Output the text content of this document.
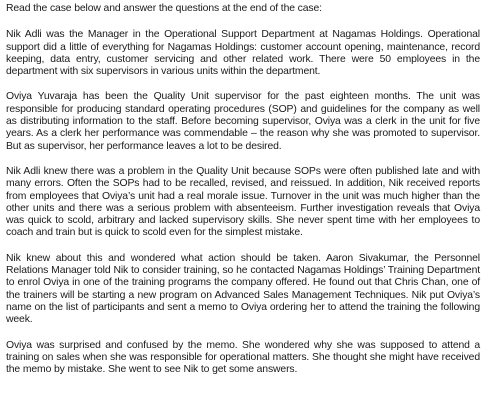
Read the case below and answer the questions at the end of the case:

Nik Adli was the Manager in the Operational Support Department at Nagamas Holdings. Operational support did a little of everything for Nagamas Holdings: customer account opening, maintenance, record keeping, data entry, customer servicing and other related work. There were 50 employees in the department with six supervisors in various units within the department.

Oviya Yuvaraja has been the Quality Unit supervisor for the past eighteen months. The unit was responsible for producing standard operating procedures (SOP) and guidelines for the company as well as distributing information to the staff. Before becoming supervisor, Oviya was a clerk in the unit for five years. As a clerk her performance was commendable – the reason why she was promoted to supervisor. But as supervisor, her performance leaves a lot to be desired.

Nik Adli knew there was a problem in the Quality Unit because SOPs were often published late and with many errors. Often the SOPs had to be recalled, revised, and reissued. In addition, Nik received reports from employees that Oviya’s unit had a real morale issue. Turnover in the unit was much higher than the other units and there was a serious problem with absenteeism. Further investigation reveals that Oviya was quick to scold, arbitrary and lacked supervisory skills. She never spent time with her employees to coach and train but is quick to scold even for the simplest mistake.

Nik knew about this and wondered what action should be taken. Aaron Sivakumar, the Personnel Relations Manager told Nik to consider training, so he contacted Nagamas Holdings’ Training Department to enrol Oviya in one of the training programs the company offered. He found out that Chris Chan, one of the trainers will be starting a new program on Advanced Sales Management Techniques. Nik put Oviya’s name on the list of participants and sent a memo to Oviya ordering her to attend the training the following week.

Oviya was surprised and confused by the memo. She wondered why she was supposed to attend a training on sales when she was responsible for operational matters. She thought she might have received the memo by mistake. She went to see Nik to get some answers.
